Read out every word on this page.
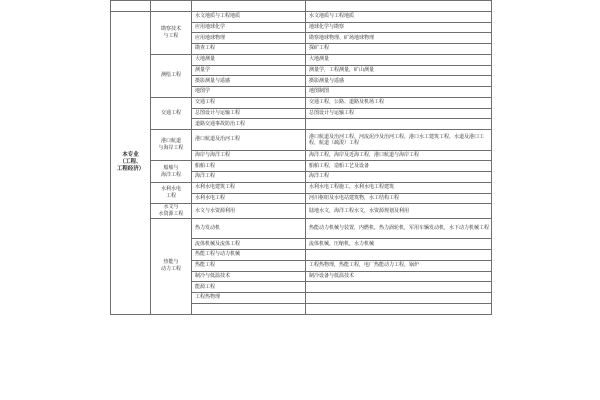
本专业
（工程、
工程经济）	勘察技术
与工程	水文地质与工程地质	水文地质与工程地质
		应用地球化学	地球化学与勘察
		应用地球物理	勘察地球物理、矿场地球物理
		勘查工程	探矿工程

	测绘工程	大地测量	大地测量
		测量学	测量学，工程测量，矿山测量
		摄影测量与遥感	摄影测量与遥感
		地图学	地图制图

	交通工程	交通工程	交通工程，公路、道路及机场工程
		总图设计与运输工程	总图设计与运输工程
		道路交通事故防治工程	

	港口航道
与海岸工程	港口航道及治河工程	港口航道及治河工程，河流泥沙及治河工程，港口水工建筑工程，水道及港口工程，航道（疏浚）工程
		海岸与海洋工程	海洋工程，海岸及近海工程，港口航道与海岸工程

	船舶与
海洋工程	船舶工程	船舶工程，造船工艺及设备
		海洋工程	海洋工程

	水利水电
工程	水利水电建筑工程	水利水电工程施工，水利水电工程建筑
		水利水电工程	河川枢纽及水电站建筑物，水工结构工程

	水文与
水资源工程	水文与水资源利用	陆地水文，海洋工程水文，水资源规划及利用

	热能与
动力工程	热力发动机	热能动力机械与装置，内燃机，热力涡轮机，军用车辆发动机，水下动力机械工程
		流体机械及流体工程	流体机械，压缩机，水力机械
		热能工程与动力机械	
		热能工程	工程热物理，热能工程，电厂热能动力工程，锅炉
		制冷与低温技术	制冷设备与低温技术
		能源工程	
		工程热物理	
